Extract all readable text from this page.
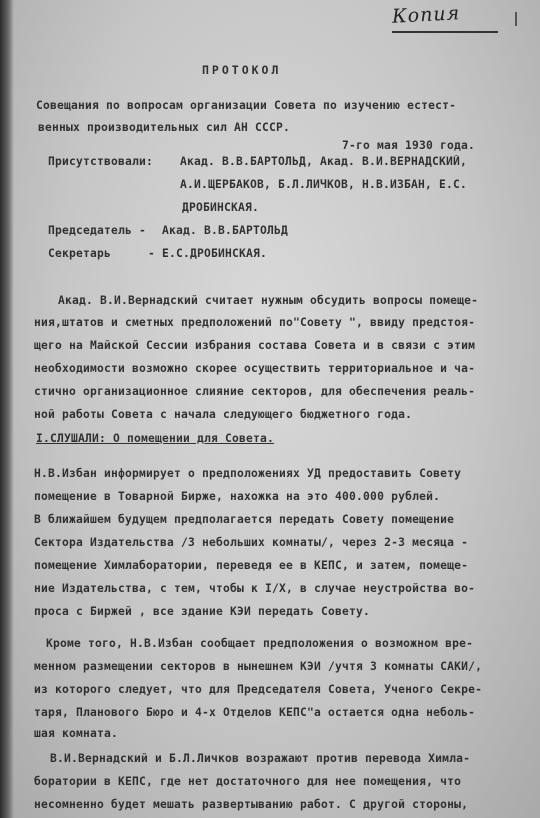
Копия
ПРОТОКОЛ
Совещания по вопросам организации Совета по изучению естест-
венных производительных сил АН СССР.
7-го мая 1930 года.
Присутствовали: Акад. В.В.БАРТОЛЬД, Акад. В.И.ВЕРНАДСКИЙ,
А.И.ЩЕРБАКОВ, Б.Л.ЛИЧКОВ, Н.В.ИЗБАН, Е.С.
ДРОБИНСКАЯ.
Председатель - Акад. В.В.БАРТОЛЬД
Секретарь	- Е.С.ДРОБИНСКАЯ.
Акад. В.И.Вернадский считает нужным обсудить вопросы помеще-
ния,штатов и сметных предположений по"Совету ", ввиду предстоя-
щего на Майской Сессии избрания состава Совета и в связи с этим
необходимости возможно скорее осуществить территориальное и ча-
стично организационное слияние секторов, для обеспечения реаль-
ной работы Совета с начала следующего бюджетного года.
I.СЛУШАЛИ: О помещении для Совета.
Н.В.Избан информирует о предположениях УД предоставить Совету
помещение в Товарной Бирже, нахожка на это 400.000 рублей.
В ближайшем будущем предполагается передать Совету помещение
Сектора Издательства /3 небольших комнаты/, через 2-3 месяца -
помещение Химлаборатории, переведя ее в КЕПС, и затем, помеще-
ние Издательства, с тем, чтобы к I/Х, в случае неустройства во-
проса с Биржей , все здание КЭИ передать Совету.
Кроме того, Н.В.Избан сообщает предположения о возможном вре-
менном размещении секторов в нынешнем КЭИ /учтя 3 комнаты САКИ/,
из которого следует, что для Председателя Совета, Ученого Секре-
таря, Планового Бюро и 4-х Отделов КЕПС"а остается одна неболь-
шая комната.
В.И.Вернадский и Б.Л.Личков возражают против перевода Химла-
боратории в КЕПС, где нет достаточного для нее помещения, что
несомненно будет мешать развертыванию работ. С другой стороны,
